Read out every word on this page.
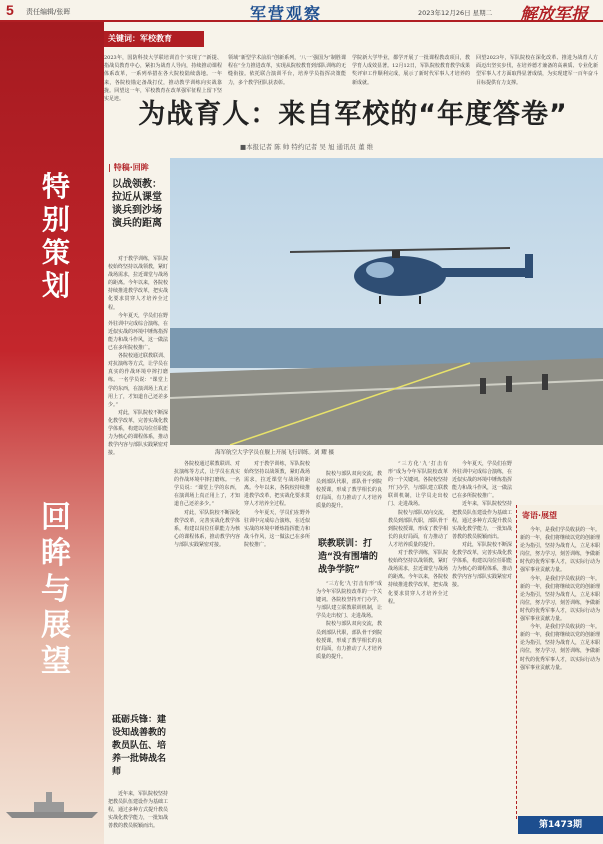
5 责任编辑/张晖	军营观察	2023年12月26日 星期二 解放军报
特
别
策
划
回
眸
与
展
望
关键词：军校教育
2023年，国防科技大学联培训首个‘实现了’”新提、指战员教育中心，紧扣为战育人导向，持续推动课程体系改革，一系列举措在各大院校陆续落地。一年来，各院校锚定备战打仗，推动教学训练向实战靠拢。回望这一年，军校教育在改革强军征程上留下坚实足迹。
领域“新型学术前沿”创新系列，‘八一’强国为“制胜课程在”全力推进改革，实现从院校教育到部队训练的无缝衔接。依托联合演训平台，培养学员指挥决策能力，多个教学团队获表彰。
学院新大学毕业，都学开展了一批课程教改项目，教学育人成效显著。12月12日，军队院校教育教学成果奖评审工作顺利完成，展示了新时代军事人才培养的新成就。
回望2023年，军队院校在深化改革、推进为战育人方面迈出坚实步伐，在培养德才兼备的高素质、专业化新型军事人才方面取得显著成绩，为实现建军一百年奋斗目标提供有力支撑。
为战育人：来自军校的“年度答卷”
■本报记者 陈 帅 特约记者 吴 旭 通讯员 董 维
| 特稿·回眸
以战领教：拉近从课堂谈兵到沙场演兵的距离

对于教学训练，军队院校始终坚持以战领教，紧盯战场需求，拉近课堂与战场的距离。今年以来，各院校持续推进教学改革，把实战化要求贯穿人才培养全过程。

今年夏天，学员们在野外驻训中完成综合演练，在近似实战的环境中锤炼指挥能力和战斗作风，这一做法已在多所院校推广。

各院校通过联教联训、对抗演练等方式，让学员在真实的作战环境中摔打磨练。一名学员说：“课堂上学的东西，在演训场上真正用上了，才知道自己还差多少。”

对此，军队院校不断深化教学改革，完善实战化教学体系，构建以岗位任职能力为核心的课程体系，推动教学内容与部队实践紧密对接。	海军航空大学学员在舰上开展飞行训练。刘 耀 摄

各院校通过联教联训、对抗演练等方式，让学员在真实的作战环境中摔打磨练。一名学员说：“课堂上学的东西，在演训场上真正用上了，才知道自己还差多少。”

对此，军队院校不断深化教学改革，完善实战化教学体系，构建以岗位任职能力为核心的课程体系，推动教学内容与部队实践紧密对接。

对于教学训练，军队院校始终坚持以战领教，紧盯战场需求，拉近课堂与战场的距离。今年以来，各院校持续推进教学改革，把实战化要求贯穿人才培养全过程。

今年夏天，学员们在野外驻训中完成综合演练，在近似实战的环境中锤炼指挥能力和战斗作风，这一做法已在多所院校推广。	联教联训：打造“没有围墙的战争学院”

院校与部队双向交流，教员到部队代职，部队骨干到院校授课，形成了教学相长的良好局面，有力推动了人才培养质量的提升。

“三方化‘九’打击有形”成为今年军队院校改革的一个关键词。各院校坚持开门办学，与部队建立联教联训机制，让学员走出校门、走进战场。

院校与部队双向交流，教员到部队代职，部队骨干到院校授课，形成了教学相长的良好局面，有力推动了人才培养质量的提升。

“三方化‘九’打击有形”成为今年军队院校改革的一个关键词。各院校坚持开门办学，与部队建立联教联训机制，让学员走出校门、走进战场。

院校与部队双向交流，教员到部队代职，部队骨干到院校授课，形成了教学相长的良好局面，有力推动了人才培养质量的提升。

对于教学训练，军队院校始终坚持以战领教，紧盯战场需求，拉近课堂与战场的距离。今年以来，各院校持续推进教学改革，把实战化要求贯穿人才培养全过程。

今年夏天，学员们在野外驻训中完成综合演练，在近似实战的环境中锤炼指挥能力和战斗作风，这一做法已在多所院校推广。

近年来，军队院校坚持把教员队伍建设作为基础工程，通过多种方式提升教员实战化教学能力，一批知战善教的教员脱颖而出。

对此，军队院校不断深化教学改革，完善实战化教学体系，构建以岗位任职能力为核心的课程体系，推动教学内容与部队实践紧密对接。

砥砺兵锋：建设知战善教的教员队伍、培养一批铸战名师

近年来，军队院校坚持把教员队伍建设作为基础工程，通过多种方式提升教员实战化教学能力，一批知战善教的教员脱颖而出。

寄语·展望

今年，是我们学员收获的一年。新的一年，我们将继续以党的创新理论为指引，坚持为战育人，立足本职岗位，努力学习，刻苦训练，争做新时代的优秀军事人才，以实际行动为强军事业贡献力量。

今年，是我们学员收获的一年。新的一年，我们将继续以党的创新理论为指引，坚持为战育人，立足本职岗位，努力学习，刻苦训练，争做新时代的优秀军事人才，以实际行动为强军事业贡献力量。

今年，是我们学员收获的一年。新的一年，我们将继续以党的创新理论为指引，坚持为战育人，立足本职岗位，努力学习，刻苦训练，争做新时代的优秀军事人才，以实际行动为强军事业贡献力量。

第1473期
